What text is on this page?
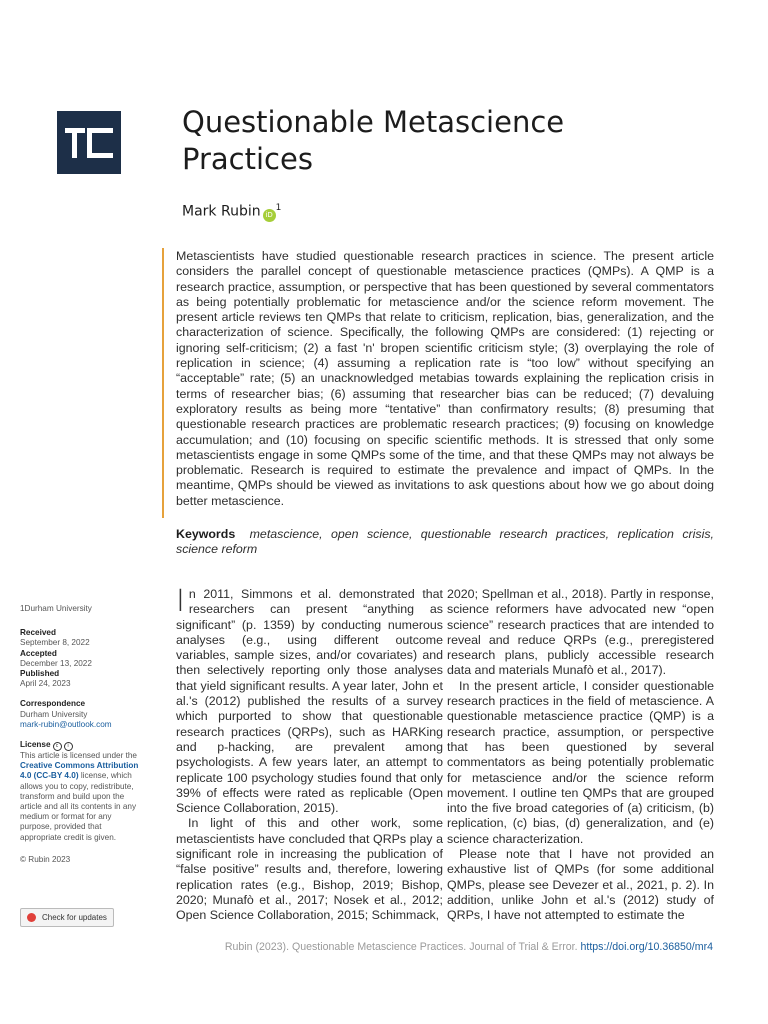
Questionable Metascience Practices
Mark Rubin $iD^1$

Metascientists have studied questionable research practices in science. The present article considers the parallel concept of questionable metascience practices (QMPs). A QMP is a research practice, assumption, or perspective that has been questioned by several commentators as being potentially problematic for metascience and/or the science reform movement. The present article reviews ten QMPs that relate to criticism, replication, bias, generalization, and the characterization of science. Specifically, the following QMPs are considered: (1) rejecting or ignoring self-criticism; (2) a fast 'n' bropen scientific criticism style; (3) overplaying the role of replication in science; (4) assuming a replication rate is “too low” without specifying an “acceptable” rate; (5) an unacknowledged metabias towards explaining the replication crisis in terms of researcher bias; (6) assuming that researcher bias can be reduced; (7) devaluing exploratory results as being more “tentative” than confirmatory results; (8) presuming that questionable research practices are problematic research practices; (9) focusing on knowledge accumulation; and (10) focusing on specific scientific methods. It is stressed that only some metascientists engage in some QMPs some of the time, and that these QMPs may not always be problematic. Research is required to estimate the prevalence and impact of QMPs. In the meantime, QMPs should be viewed as invitations to ask questions about how we go about doing better metascience.

Keywords metascience, open science, questionable research practices, replication crisis, science reform

1Durham University
Received
September 8, 2022
Accepted
December 13, 2022
Published
April 24, 2023
Correspondence
Durham University
mark-rubin@outlook.com
License c i
This article is licensed under the Creative Commons Attribution 4.0 (CC-BY 4.0) license, which allows you to copy, redistribute, transform and build upon the article and all its contents in any medium or format for any purpose, provided that appropriate credit is given.
© Rubin 2023
Check for updates

In 2011, Simmons et al. demonstrated that researchers can present “anything as significant” (p. 1359) by conducting numerous analyses (e.g., using different outcome variables, sample sizes, and/or covariates) and then selectively reporting only those analyses that yield significant results. A year later, John et al.'s (2012) published the results of a survey which purported to show that questionable research practices (QRPs), such as HARKing and p-hacking, are prevalent among psychologists. A few years later, an attempt to replicate 100 psychology studies found that only 39% of effects were rated as replicable (Open Science Collaboration, 2015).

In light of this and other work, some metascientists have concluded that QRPs play a significant role in increasing the publication of “false positive” results and, therefore, lowering replication rates (e.g., Bishop, 2019; Bishop, 2020; Munafò et al., 2017; Nosek et al., 2012; Open Science Collaboration, 2015; Schimmack,

2020; Spellman et al., 2018). Partly in response, science reformers have advocated new “open science” research practices that are intended to reveal and reduce QRPs (e.g., preregistered research plans, publicly accessible research data and materials Munafò et al., 2017).

In the present article, I consider questionable research practices in the field of metascience. A questionable metascience practice (QMP) is a research practice, assumption, or perspective that has been questioned by several commentators as being potentially problematic for metascience and/or the science reform movement. I outline ten QMPs that are grouped into the five broad categories of (a) criticism, (b) replication, (c) bias, (d) generalization, and (e) science characterization.

Please note that I have not provided an exhaustive list of QMPs (for some additional QMPs, please see Devezer et al., 2021, p. 2). In addition, unlike John et al.'s (2012) study of QRPs, I have not attempted to estimate the

Rubin (2023). Questionable Metascience Practices. Journal of Trial & Error. https://doi.org/10.36850/mr4
